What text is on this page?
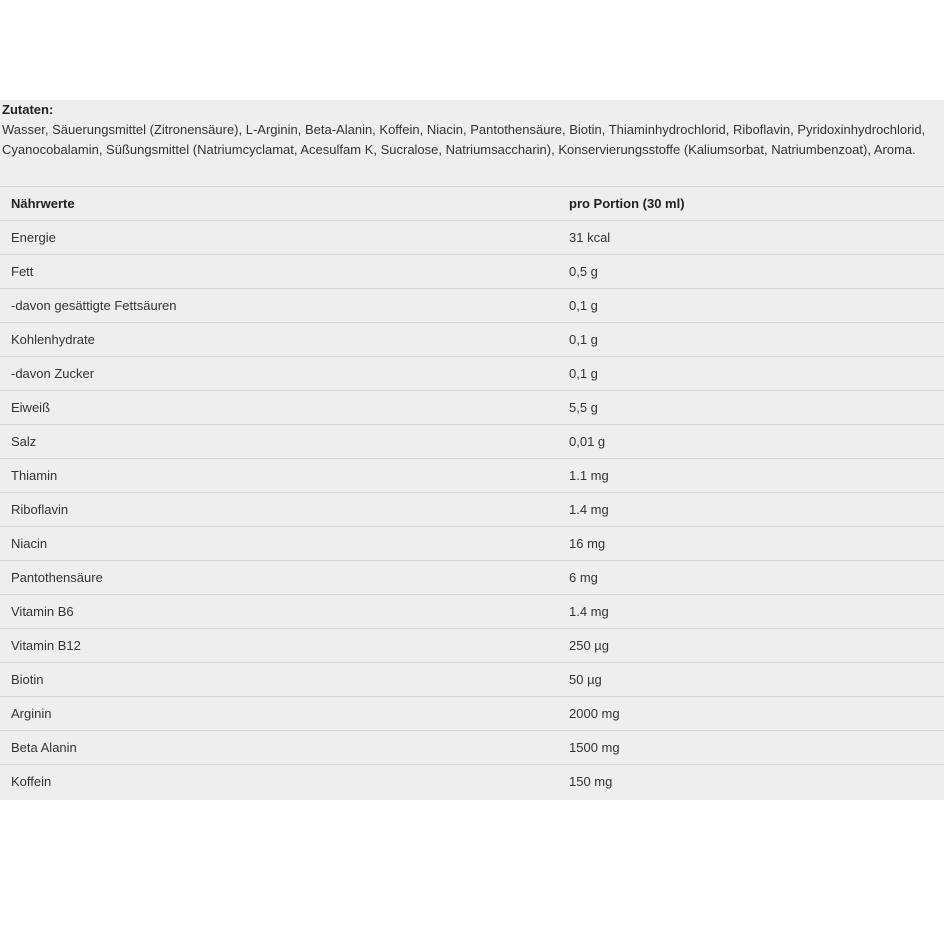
Zutaten:
Wasser, Säuerungsmittel (Zitronensäure), L-Arginin, Beta-Alanin, Koffein, Niacin, Pantothensäure, Biotin, Thiaminhydrochlorid, Riboflavin, Pyridoxinhydrochlorid, Cyanocobalamin, Süßungsmittel (Natriumcyclamat, Acesulfam K, Sucralose, Natriumsaccharin), Konservierungsstoffe (Kaliumsorbat, Natriumbenzoat), Aroma.
Nährwerte	pro Portion (30 ml)
Energie	31 kcal
Fett	0,5 g
-davon gesättigte Fettsäuren	0,1 g
Kohlenhydrate	0,1 g
-davon Zucker	0,1 g
Eiweiß	5,5 g
Salz	0,01 g
Thiamin	1.1 mg
Riboflavin	1.4 mg
Niacin	16 mg
Pantothensäure	6 mg
Vitamin B6	1.4 mg
Vitamin B12	250 µg
Biotin	50 µg
Arginin	2000 mg
Beta Alanin	1500 mg
Koffein	150 mg
